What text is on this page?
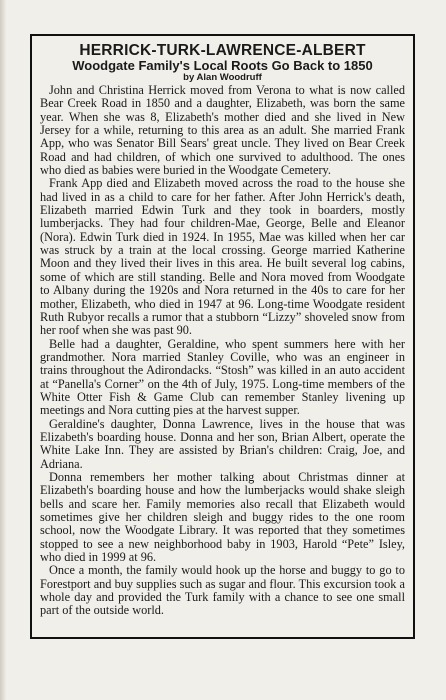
HERRICK-TURK-LAWRENCE-ALBERT
Woodgate Family's Local Roots Go Back to 1850
by Alan Woodruff

John and Christina Herrick moved from Verona to what is now called Bear Creek Road in 1850 and a daughter, Elizabeth, was born the same year. When she was 8, Elizabeth's mother died and she lived in New Jersey for a while, returning to this area as an adult. She married Frank App, who was Senator Bill Sears' great uncle. They lived on Bear Creek Road and had children, of which one survived to adulthood. The ones who died as babies were buried in the Woodgate Cemetery.

Frank App died and Elizabeth moved across the road to the house she had lived in as a child to care for her father. After John Herrick's death, Elizabeth married Edwin Turk and they took in boarders, mostly lumberjacks. They had four children-Mae, George, Belle and Eleanor (Nora). Edwin Turk died in 1924. In 1955, Mae was killed when her car was struck by a train at the local crossing. George married Katherine Moon and they lived their lives in this area. He built several log cabins, some of which are still standing. Belle and Nora moved from Woodgate to Albany during the 1920s and Nora returned in the 40s to care for her mother, Elizabeth, who died in 1947 at 96. Long-time Woodgate resident Ruth Rubyor recalls a rumor that a stubborn “Lizzy” shoveled snow from her roof when she was past 90.

Belle had a daughter, Geraldine, who spent summers here with her grandmother. Nora married Stanley Coville, who was an engineer in trains throughout the Adirondacks. “Stosh” was killed in an auto accident at “Panella's Corner” on the 4th of July, 1975. Long-time members of the White Otter Fish & Game Club can remember Stanley livening up meetings and Nora cutting pies at the harvest supper.

Geraldine's daughter, Donna Lawrence, lives in the house that was Elizabeth's boarding house. Donna and her son, Brian Albert, operate the White Lake Inn. They are assisted by Brian's children: Craig, Joe, and Adriana.

Donna remembers her mother talking about Christmas dinner at Elizabeth's boarding house and how the lumberjacks would shake sleigh bells and scare her. Family memories also recall that Elizabeth would sometimes give her children sleigh and buggy rides to the one room school, now the Woodgate Library. It was reported that they sometimes stopped to see a new neighborhood baby in 1903, Harold “Pete” Isley, who died in 1999 at 96.

Once a month, the family would hook up the horse and buggy to go to Forestport and buy supplies such as sugar and flour. This excursion took a whole day and provided the Turk family with a chance to see one small part of the outside world.
